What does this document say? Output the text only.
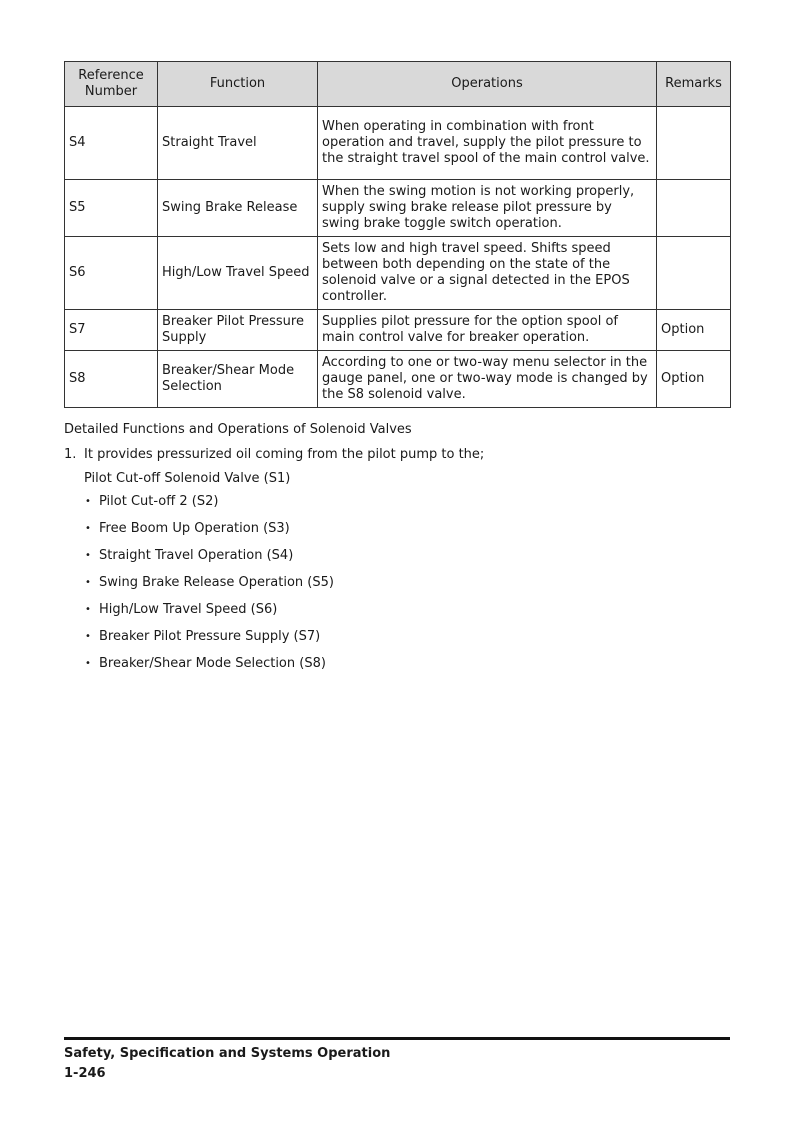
Reference Number	Function	Operations	Remarks
S4	Straight Travel	When operating in combination with front operation and travel, supply the pilot pressure to the straight travel spool of the main control valve.	
S5	Swing Brake Release	When the swing motion is not working properly, supply swing brake release pilot pressure by swing brake toggle switch operation.	
S6	High/Low Travel Speed	Sets low and high travel speed. Shifts speed between both depending on the state of the solenoid valve or a signal detected in the EPOS controller.	
S7	Breaker Pilot Pressure Supply	Supplies pilot pressure for the option spool of main control valve for breaker operation.	Option
S8	Breaker/Shear Mode Selection	According to one or two-way menu selector in the gauge panel, one or two-way mode is changed by the S8 solenoid valve.	Option
Detailed Functions and Operations of Solenoid Valves
1. It provides pressurized oil coming from the pilot pump to the;
Pilot Cut-off Solenoid Valve (S1)
• Pilot Cut-off 2 (S2)
• Free Boom Up Operation (S3)
• Straight Travel Operation (S4)
• Swing Brake Release Operation (S5)
• High/Low Travel Speed (S6)
• Breaker Pilot Pressure Supply (S7)
• Breaker/Shear Mode Selection (S8)
Safety, Specification and Systems Operation
1-246
